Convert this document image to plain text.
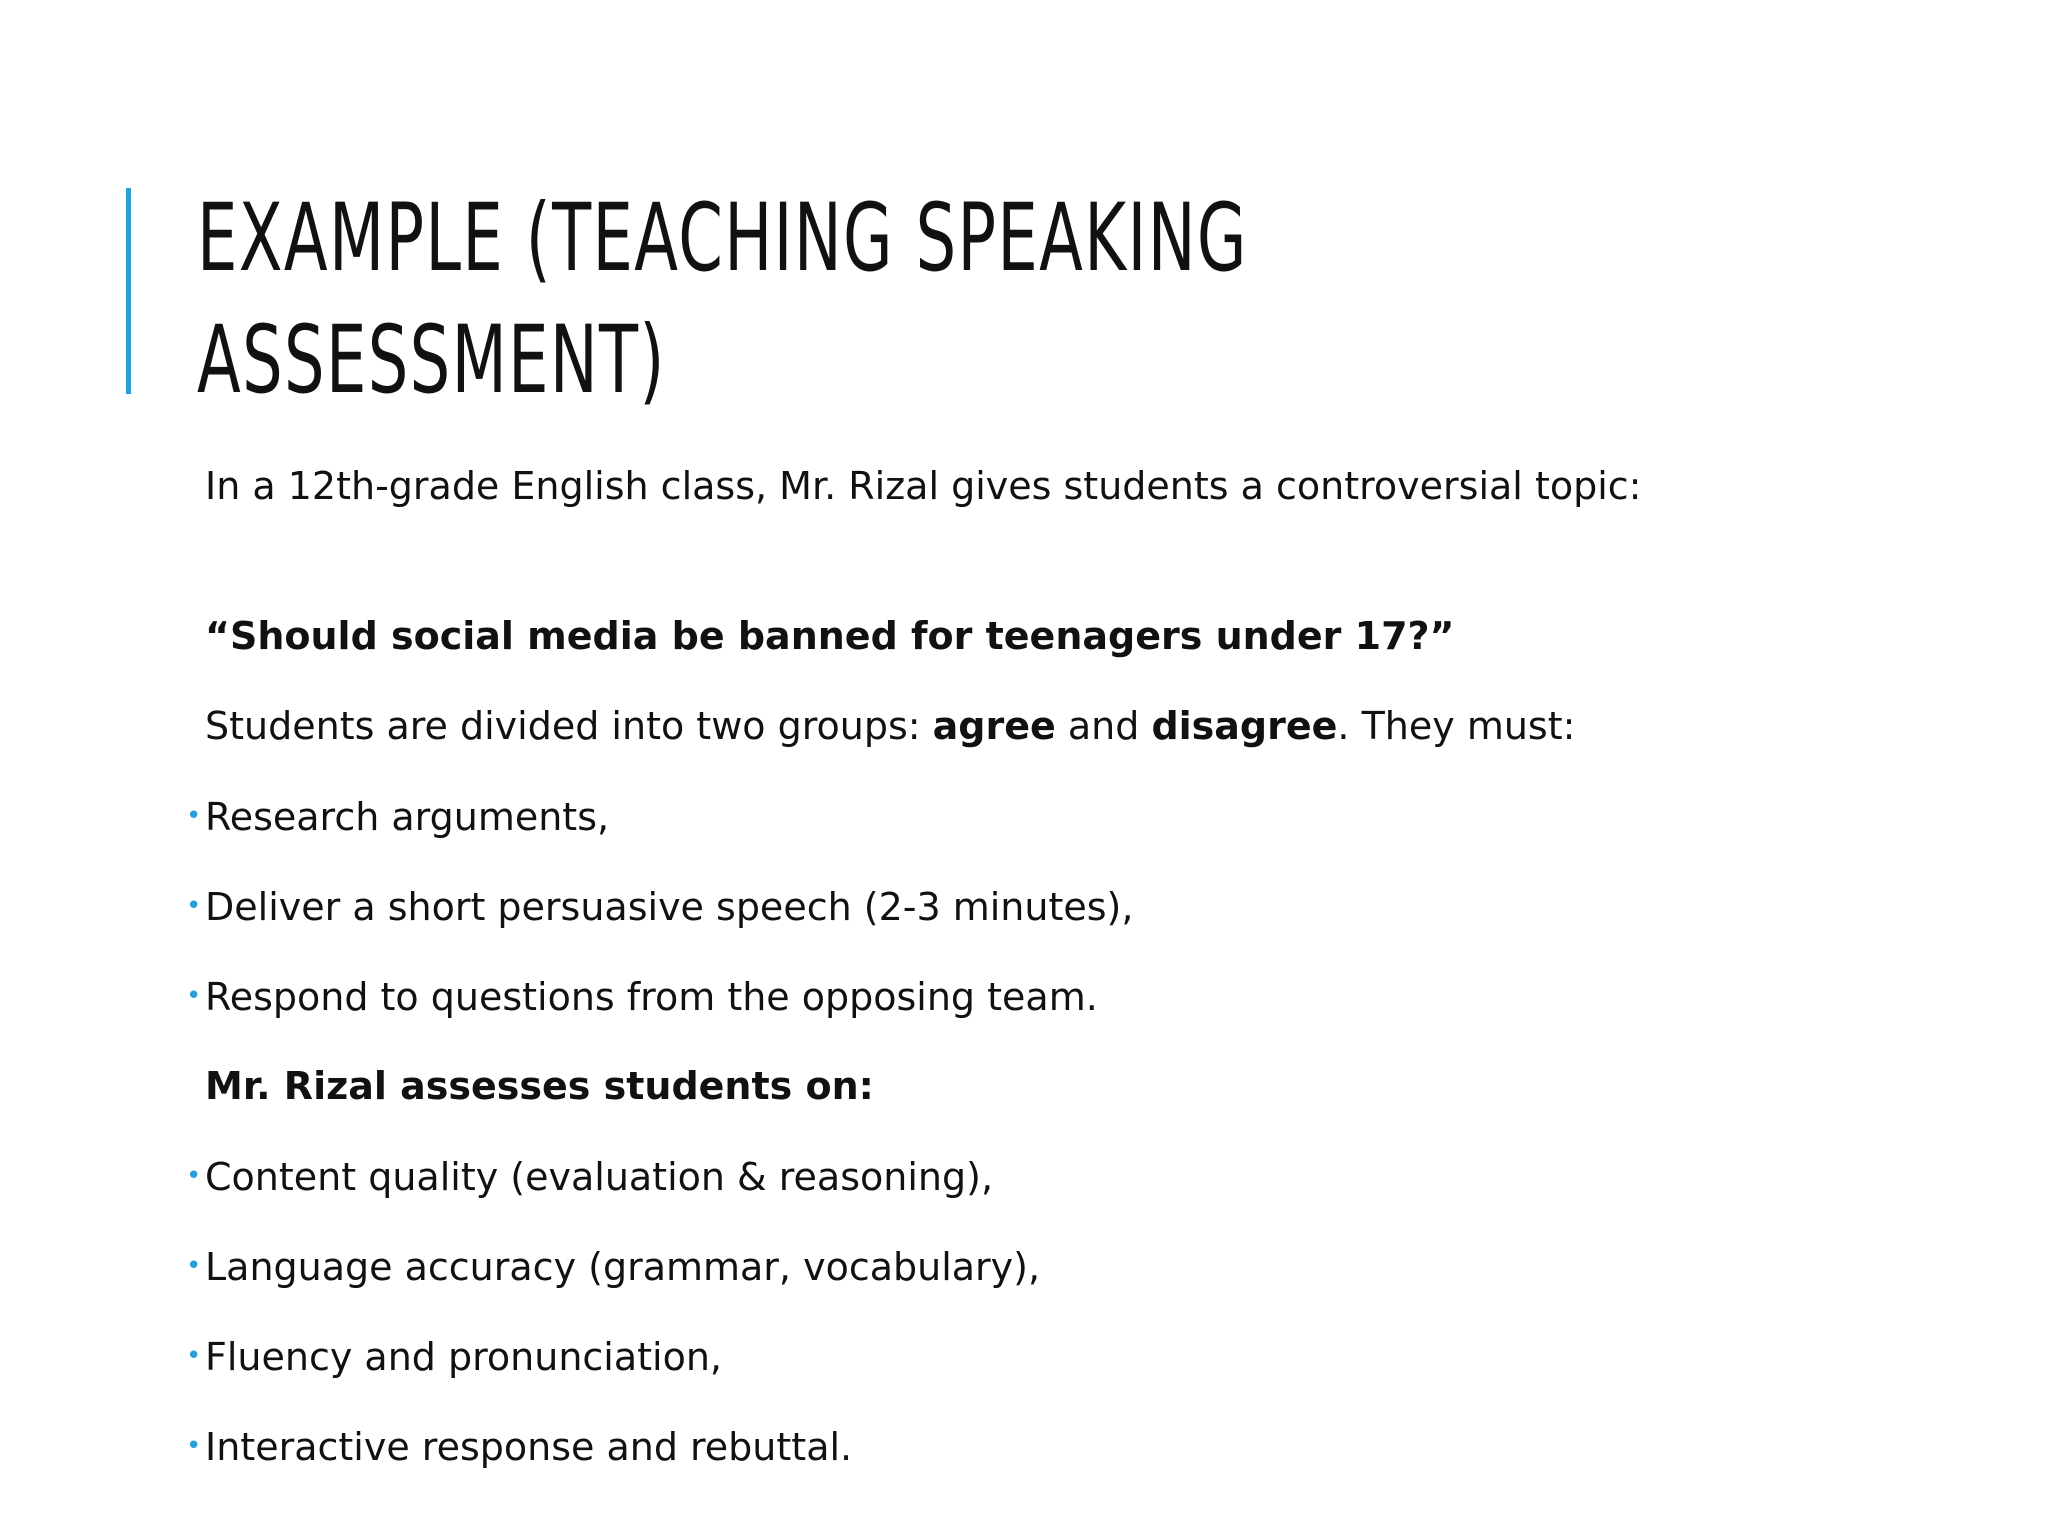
EXAMPLE (TEACHING SPEAKING
ASSESSMENT)
In a 12th-grade English class, Mr. Rizal gives students a controversial topic:
“Should social media be banned for teenagers under 17?”
Students are divided into two groups: agree and disagree. They must:
•Research arguments,
•Deliver a short persuasive speech (2-3 minutes),
•Respond to questions from the opposing team.
Mr. Rizal assesses students on:
•Content quality (evaluation & reasoning),
•Language accuracy (grammar, vocabulary),
•Fluency and pronunciation,
•Interactive response and rebuttal.
